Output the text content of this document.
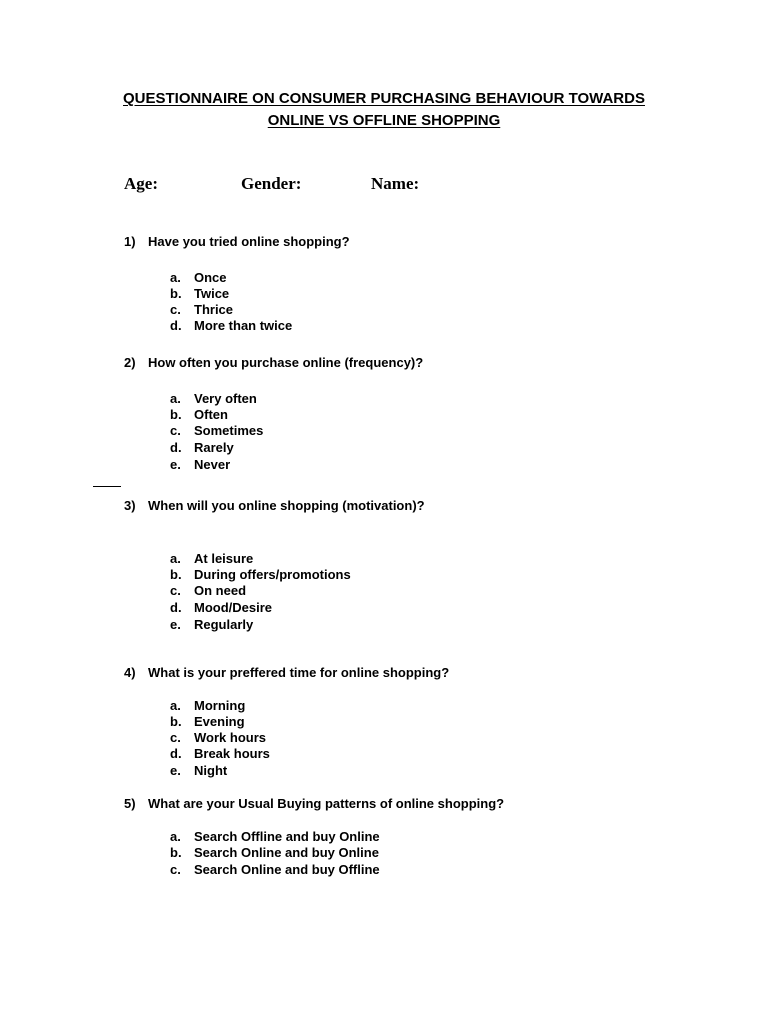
QUESTIONNAIRE ON CONSUMER PURCHASING BEHAVIOUR TOWARDS
ONLINE VS OFFLINE SHOPPING
Age:	Gender:	Name:
1) Have you tried online shopping?
a. Once
b. Twice
c. Thrice
d. More than twice
2) How often you purchase online (frequency)?
a. Very often
b. Often
c. Sometimes
d. Rarely
e. Never
3) When will you online shopping (motivation)?
a. At leisure
b. During offers/promotions
c. On need
d. Mood/Desire
e. Regularly
4) What is your preffered time for online shopping?
a. Morning
b. Evening
c. Work hours
d. Break hours
e. Night
5) What are your Usual Buying patterns of online shopping?
a. Search Offline and buy Online
b. Search Online and buy Online
c. Search Online and buy Offline
